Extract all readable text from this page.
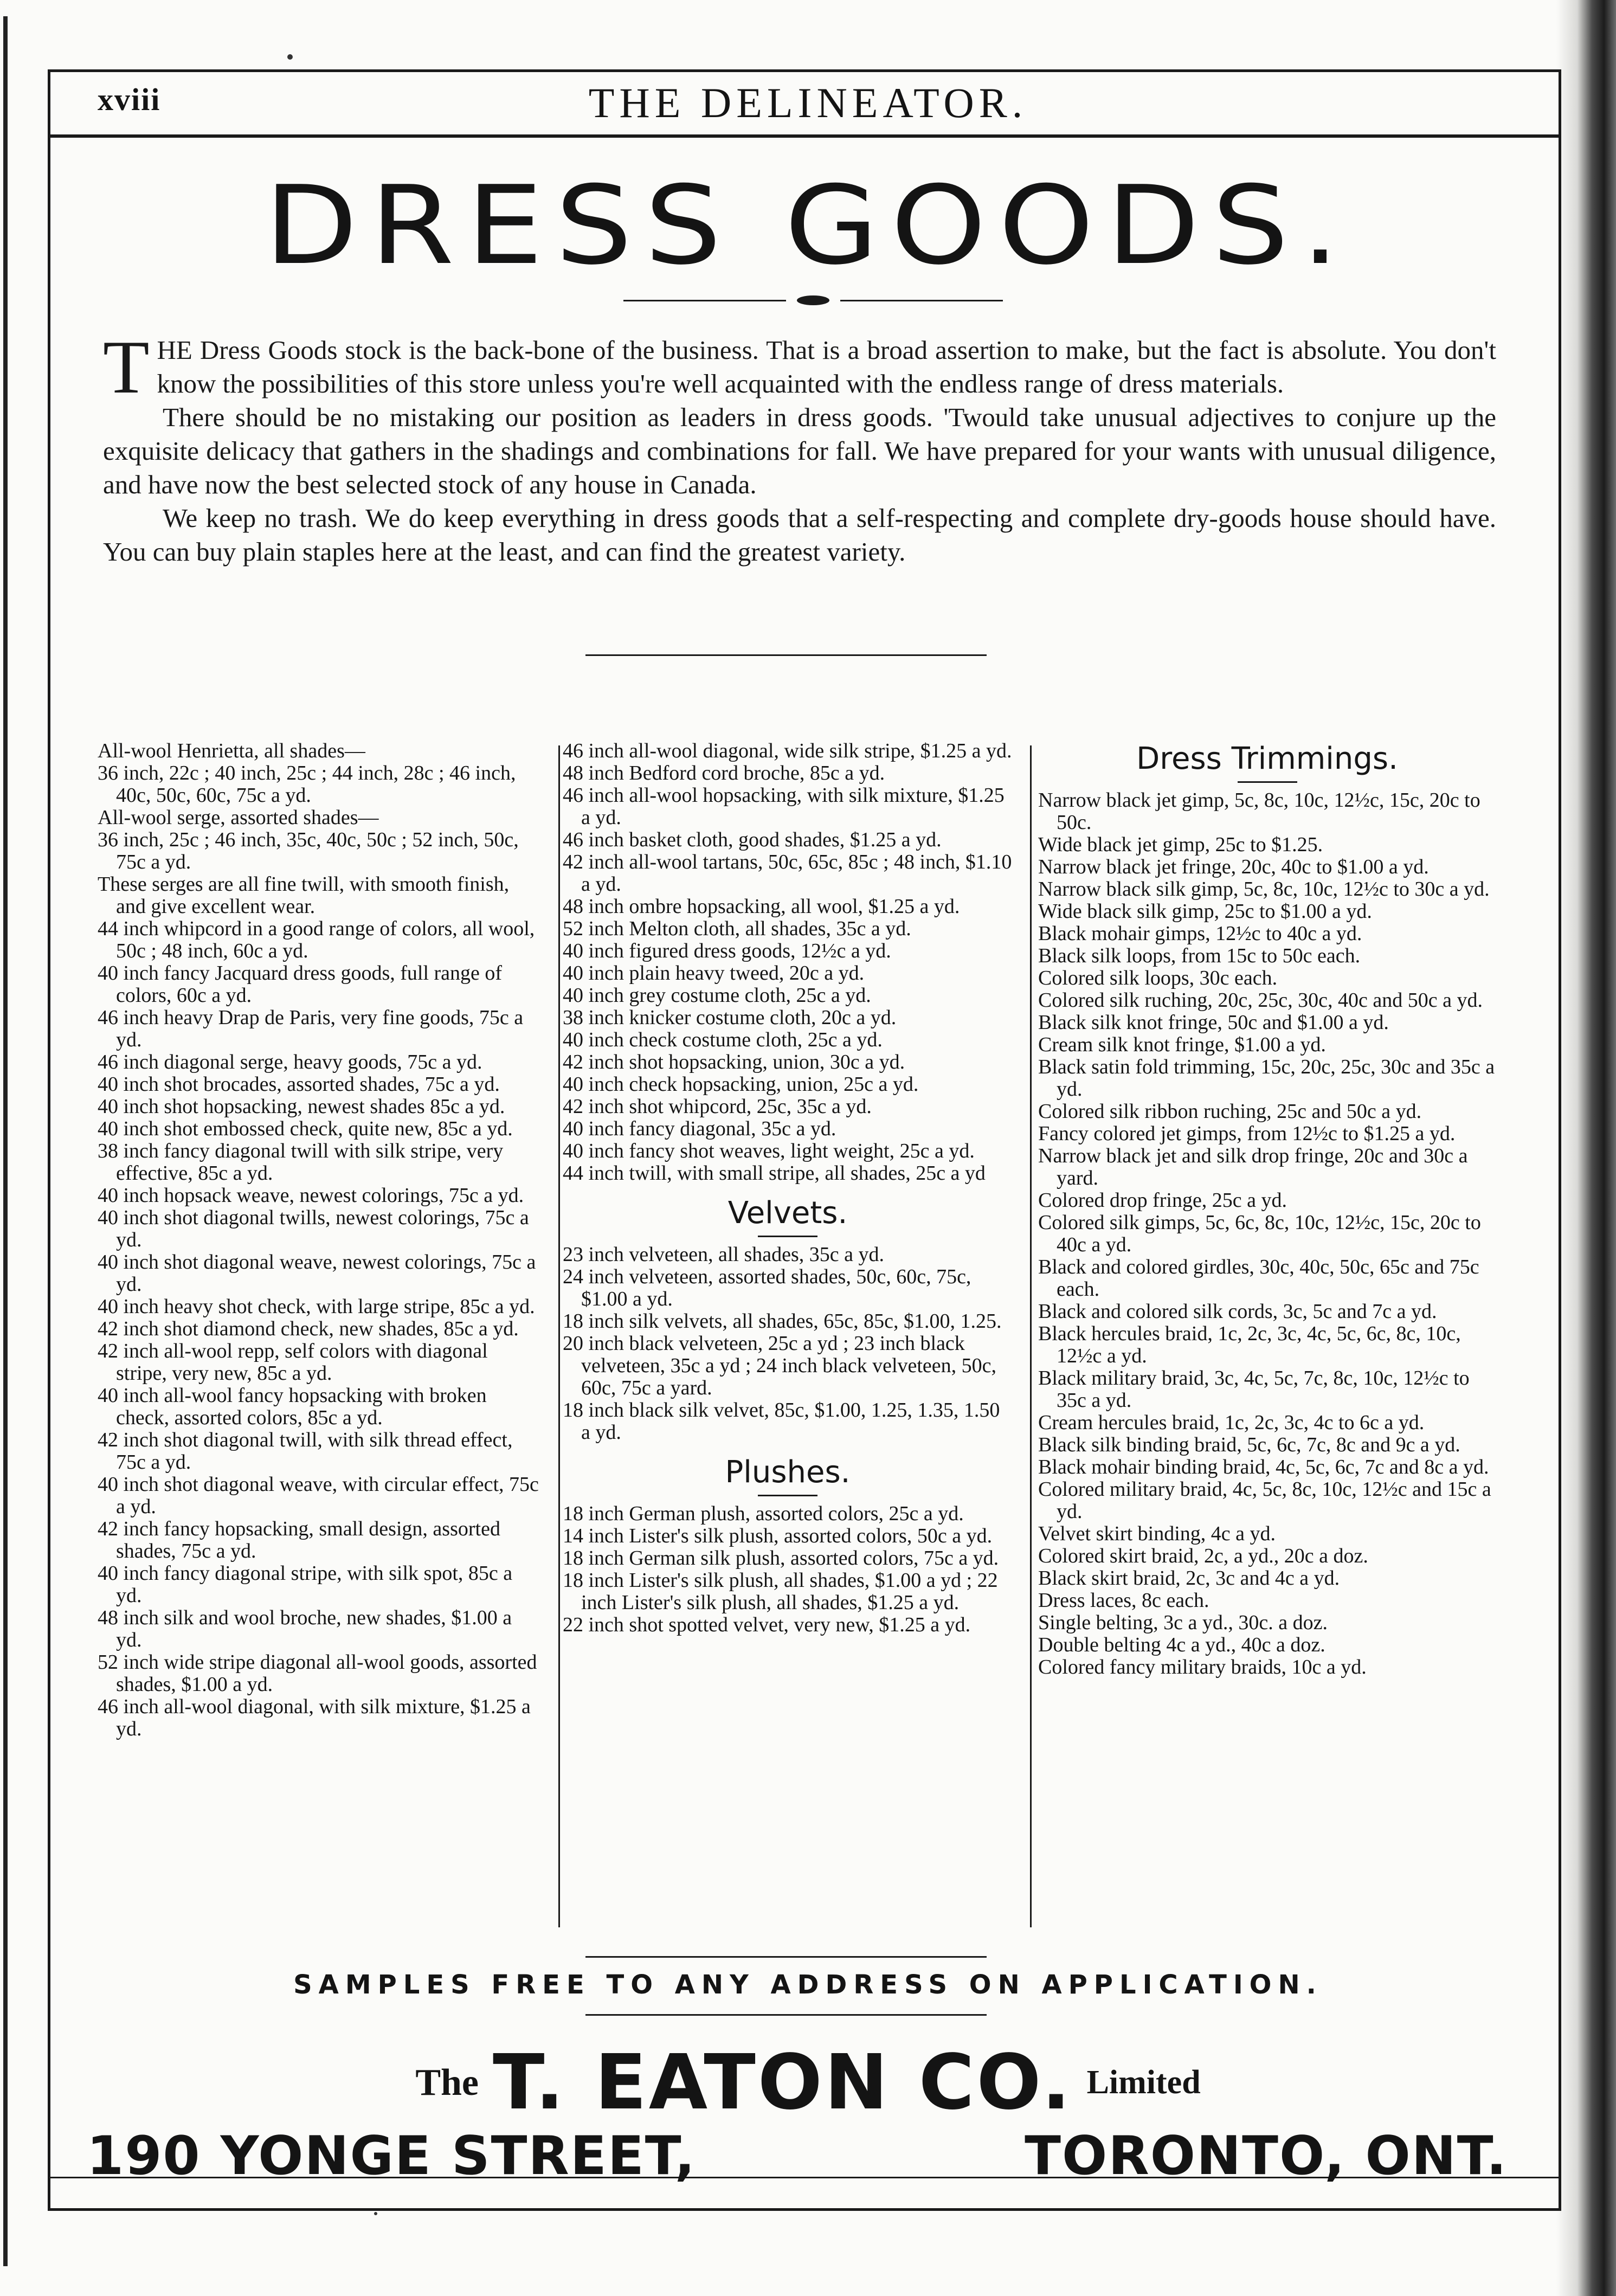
xviii	THE DELINEATOR.
DRESS GOODS.

THE Dress Goods stock is the back-bone of the business. That is a broad assertion to make, but the fact is absolute. You don't know the possibilities of this store unless you're well acquainted with the endless range of dress materials.

There should be no mistaking our position as leaders in dress goods. 'Twould take unusual adjectives to conjure up the exquisite delicacy that gathers in the shadings and combinations for fall. We have prepared for your wants with unusual diligence, and have now the best selected stock of any house in Canada.

We keep no trash. We do keep everything in dress goods that a self-respecting and complete dry-goods house should have. You can buy plain staples here at the least, and can find the greatest variety.

All-wool Henrietta, all shades—
36 inch, 22c ; 40 inch, 25c ; 44 inch, 28c ; 46 inch, 40c, 50c, 60c, 75c a yd.
All-wool serge, assorted shades—
36 inch, 25c ; 46 inch, 35c, 40c, 50c ; 52 inch, 50c, 75c a yd.
These serges are all fine twill, with smooth finish, and give excellent wear.
44 inch whipcord in a good range of colors, all wool, 50c ; 48 inch, 60c a yd.
40 inch fancy Jacquard dress goods, full range of colors, 60c a yd.
46 inch heavy Drap de Paris, very fine goods, 75c a yd.
46 inch diagonal serge, heavy goods, 75c a yd.
40 inch shot brocades, assorted shades, 75c a yd.
40 inch shot hopsacking, newest shades 85c a yd.
40 inch shot embossed check, quite new, 85c a yd.
38 inch fancy diagonal twill with silk stripe, very effective, 85c a yd.
40 inch hopsack weave, newest colorings, 75c a yd.
40 inch shot diagonal twills, newest colorings, 75c a yd.
40 inch shot diagonal weave, newest colorings, 75c a yd.
40 inch heavy shot check, with large stripe, 85c a yd.
42 inch shot diamond check, new shades, 85c a yd.
42 inch all-wool repp, self colors with diagonal stripe, very new, 85c a yd.
40 inch all-wool fancy hopsacking with broken check, assorted colors, 85c a yd.
42 inch shot diagonal twill, with silk thread effect, 75c a yd.
40 inch shot diagonal weave, with circular effect, 75c a yd.
42 inch fancy hopsacking, small design, assorted shades, 75c a yd.
40 inch fancy diagonal stripe, with silk spot, 85c a yd.
48 inch silk and wool broche, new shades, $1.00 a yd.
52 inch wide stripe diagonal all-wool goods, assorted shades, $1.00 a yd.
46 inch all-wool diagonal, with silk mixture, $1.25 a yd.
46 inch all-wool diagonal, wide silk stripe, $1.25 a yd.
48 inch Bedford cord broche, 85c a yd.
46 inch all-wool hopsacking, with silk mixture, $1.25 a yd.
46 inch basket cloth, good shades, $1.25 a yd.
42 inch all-wool tartans, 50c, 65c, 85c ; 48 inch, $1.10 a yd.
48 inch ombre hopsacking, all wool, $1.25 a yd.
52 inch Melton cloth, all shades, 35c a yd.
40 inch figured dress goods, 12½c a yd.
40 inch plain heavy tweed, 20c a yd.
40 inch grey costume cloth, 25c a yd.
38 inch knicker costume cloth, 20c a yd.
40 inch check costume cloth, 25c a yd.
42 inch shot hopsacking, union, 30c a yd.
40 inch check hopsacking, union, 25c a yd.
42 inch shot whipcord, 25c, 35c a yd.
40 inch fancy diagonal, 35c a yd.
40 inch fancy shot weaves, light weight, 25c a yd.
44 inch twill, with small stripe, all shades, 25c a yd
Velvets.
23 inch velveteen, all shades, 35c a yd.
24 inch velveteen, assorted shades, 50c, 60c, 75c, $1.00 a yd.
18 inch silk velvets, all shades, 65c, 85c, $1.00, 1.25.
20 inch black velveteen, 25c a yd ; 23 inch black velveteen, 35c a yd ; 24 inch black velveteen, 50c, 60c, 75c a yard.
18 inch black silk velvet, 85c, $1.00, 1.25, 1.35, 1.50 a yd.
Plushes.
18 inch German plush, assorted colors, 25c a yd.
14 inch Lister's silk plush, assorted colors, 50c a yd.
18 inch German silk plush, assorted colors, 75c a yd.
18 inch Lister's silk plush, all shades, $1.00 a yd ; 22 inch Lister's silk plush, all shades, $1.25 a yd.
22 inch shot spotted velvet, very new, $1.25 a yd.
Dress Trimmings.
Narrow black jet gimp, 5c, 8c, 10c, 12½c, 15c, 20c to 50c.
Wide black jet gimp, 25c to $1.25.
Narrow black jet fringe, 20c, 40c to $1.00 a yd.
Narrow black silk gimp, 5c, 8c, 10c, 12½c to 30c a yd.
Wide black silk gimp, 25c to $1.00 a yd.
Black mohair gimps, 12½c to 40c a yd.
Black silk loops, from 15c to 50c each.
Colored silk loops, 30c each.
Colored silk ruching, 20c, 25c, 30c, 40c and 50c a yd.
Black silk knot fringe, 50c and $1.00 a yd.
Cream silk knot fringe, $1.00 a yd.
Black satin fold trimming, 15c, 20c, 25c, 30c and 35c a yd.
Colored silk ribbon ruching, 25c and 50c a yd.
Fancy colored jet gimps, from 12½c to $1.25 a yd.
Narrow black jet and silk drop fringe, 20c and 30c a yard.
Colored drop fringe, 25c a yd.
Colored silk gimps, 5c, 6c, 8c, 10c, 12½c, 15c, 20c to 40c a yd.
Black and colored girdles, 30c, 40c, 50c, 65c and 75c each.
Black and colored silk cords, 3c, 5c and 7c a yd.
Black hercules braid, 1c, 2c, 3c, 4c, 5c, 6c, 8c, 10c, 12½c a yd.
Black military braid, 3c, 4c, 5c, 7c, 8c, 10c, 12½c to 35c a yd.
Cream hercules braid, 1c, 2c, 3c, 4c to 6c a yd.
Black silk binding braid, 5c, 6c, 7c, 8c and 9c a yd.
Black mohair binding braid, 4c, 5c, 6c, 7c and 8c a yd.
Colored military braid, 4c, 5c, 8c, 10c, 12½c and 15c a yd.
Velvet skirt binding, 4c a yd.
Colored skirt braid, 2c, a yd., 20c a doz.
Black skirt braid, 2c, 3c and 4c a yd.
Dress laces, 8c each.
Single belting, 3c a yd., 30c. a doz.
Double belting 4c a yd., 40c a doz.
Colored fancy military braids, 10c a yd.
SAMPLES FREE TO ANY ADDRESS ON APPLICATION.
The T. EATON CO. Limited
190 YONGE STREET,	TORONTO, ONT.
